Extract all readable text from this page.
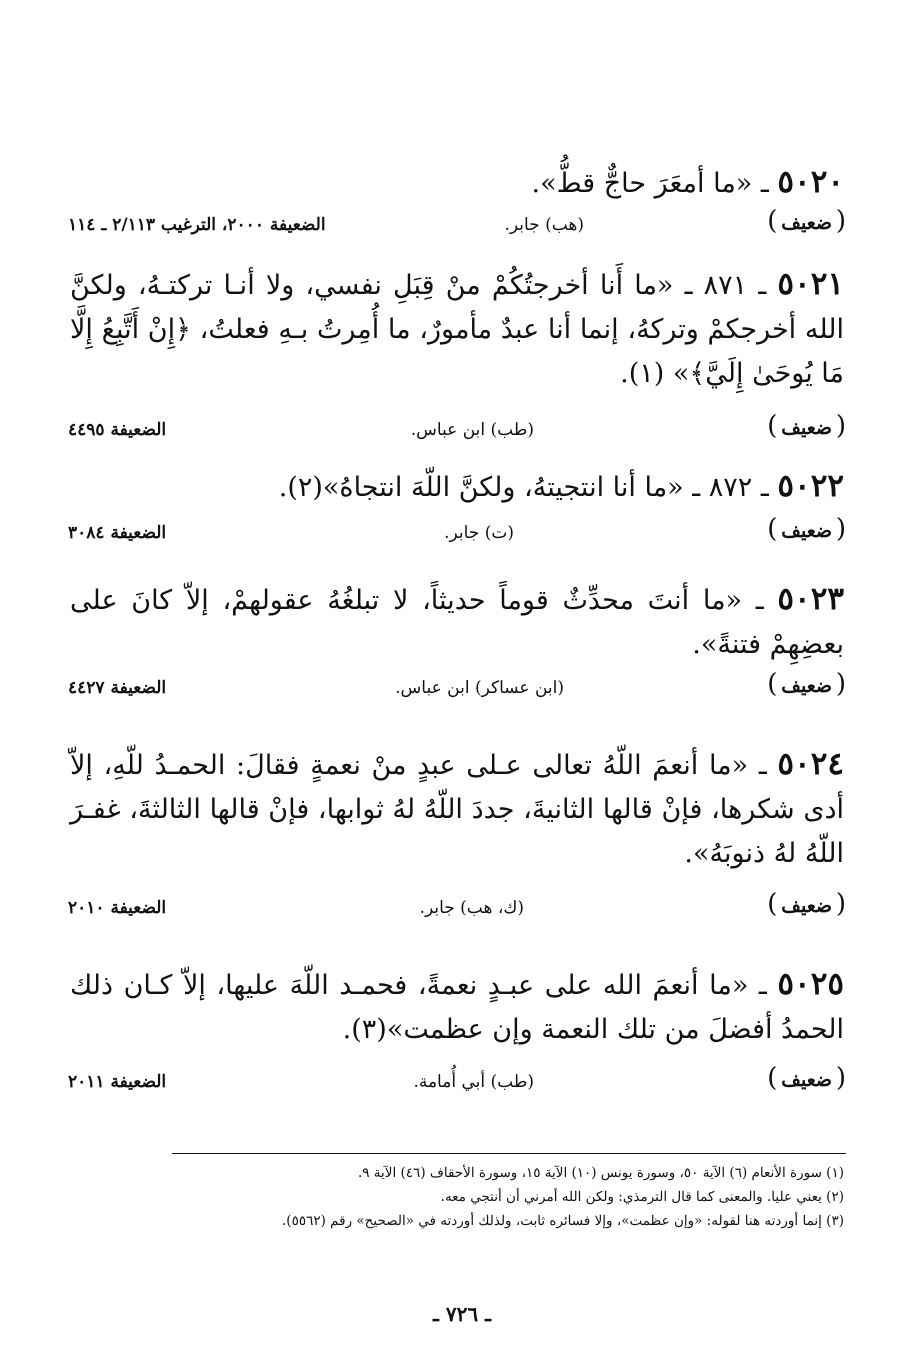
٥٠٢٠ ـ «ما أمعَرَ حاجٌّ قطُّ».
( ضعيف )
(هب) جابر.
الضعيفة ٢٠٠٠، الترغيب ٢/١١٣ ـ ١١٤
٥٠٢١ ـ ٨٧١ ـ «ما أَنا أخرجتُكُمْ منْ قِبَلِ نفسي، ولا أنـا تركتـهُ، ولكنَّ الله أخرجكمْ وتركهُ، إنما أنا عبدٌ مأمورٌ، ما أُمِرتُ بـهِ فعلتُ، ﴿إِنْ أَتَّبِعُ إِلَّا مَا يُوحَىٰ إِلَيَّ﴾» (١).
( ضعيف )
(طب) ابن عباس.
الضعيفة ٤٤٩٥
٥٠٢٢ ـ ٨٧٢ ـ «ما أنا انتجيتهُ، ولكنَّ اللّهَ انتجاهُ»(٢).
( ضعيف )
(ت) جابر.
الضعيفة ٣٠٨٤
٥٠٢٣ ـ «ما أنتَ محدِّثٌ قوماً حديثاً، لا تبلغُهُ عقولهمْ، إلاّ كانَ على بعضِهِمْ فتنةً».
( ضعيف )
(ابن عساكر) ابن عباس.
الضعيفة ٤٤٢٧
٥٠٢٤ ـ «ما أنعمَ اللّهُ تعالى عـلى عبدٍ منْ نعمةٍ فقالَ: الحمـدُ للّهِ، إلاّ أدى شكرها، فإنْ قالها الثانيةَ، جددَ اللّهُ لهُ ثوابها، فإنْ قالها الثالثةَ، غفـرَ اللّهُ لهُ ذنوبَهُ».
( ضعيف )
(ك، هب) جابر.
الضعيفة ٢٠١٠
٥٠٢٥ ـ «ما أنعمَ الله على عبـدٍ نعمةً، فحمـد اللّهَ عليها، إلاّ كـان ذلك الحمدُ أفضلَ من تلك النعمة وإن عظمت»(٣).
( ضعيف )
(طب) أبي أُمامة.
الضعيفة ٢٠١١
(١) سورة الأنعام (٦) الآية ٥٠، وسورة يونس (١٠) الآية ١٥، وسورة الأحقاف (٤٦) الآية ٩.
(٢) يعني عليا. والمعنى كما قال الترمذي: ولكن الله أمرني أن أنتجي معه.
(٣) إنما أوردته هنا لقوله: «وإن عظمت»، وإلا فسائره ثابت، ولذلك أوردته في «الصحيح» رقم (٥٥٦٢).
ـ ٧٢٦ ـ
